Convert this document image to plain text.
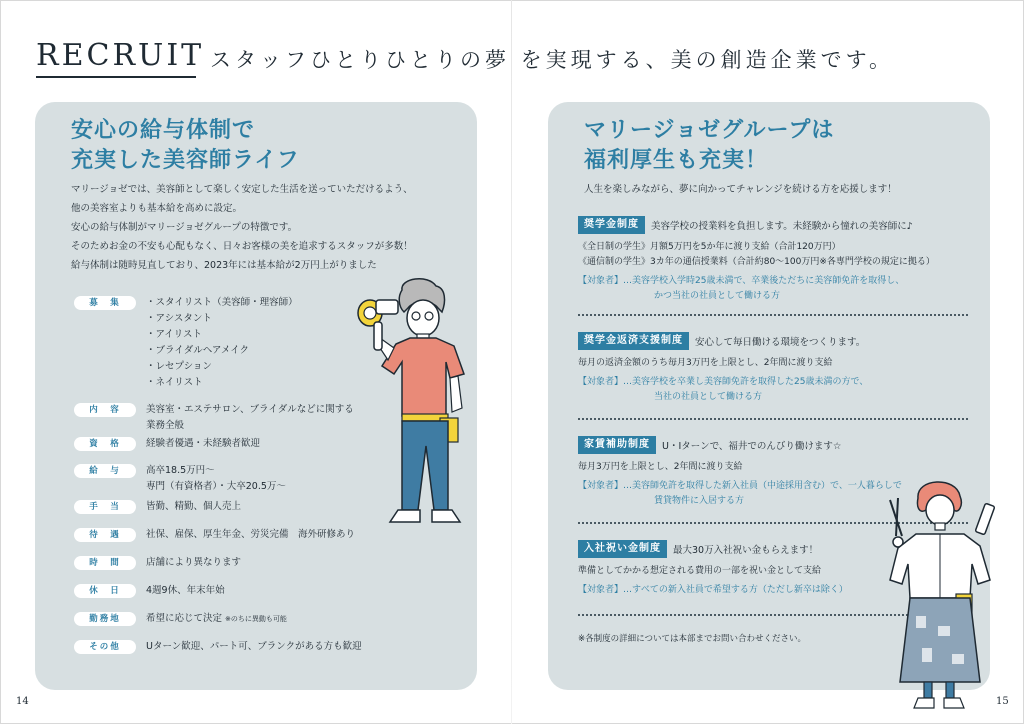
RECRUIT スタッフひとりひとりの夢 を実現する、美の創造企業です。
安心の給与体制で
充実した美容師ライフ
マリージョゼでは、美容師として楽しく安定した生活を送っていただけるよう、
他の美容室よりも基本給を高めに設定。
安心の給与体制がマリージョゼグループの特徴です。
そのためお金の不安も心配もなく、日々お客様の美を追求するスタッフが多数！
給与体制は随時見直しており、2023年には基本給が2万円上がりました
募　集	・スタイリスト（美容師・理容師）
・アシスタント
・アイリスト
・ブライダルヘアメイク
・レセプション
・ネイリスト
内　容	美容室・エステサロン、ブライダルなどに関する
業務全般
資　格	経験者優遇・未経験者歓迎
給　与	高卒18.5万円～
専門（有資格者）・大卒20.5万～
手　当	皆勤、精勤、個人売上
待　遇	社保、雇保、厚生年金、労災完備　海外研修あり
時　間	店舗により異なります
休　日	4週9休、年末年始
勤務地	希望に応じて決定 ※のちに異動も可能
その他	Uターン歓迎、パート可、ブランクがある方も歓迎
マリージョゼグループは
福利厚生も充実！
人生を楽しみながら、夢に向かってチャレンジを続ける方を応援します！
奨学金制度	美容学校の授業料を負担します。未経験から憧れの美容師に♪
《全日制の学生》月額5万円を5か年に渡り支給（合計120万円）
《通信制の学生》3カ年の通信授業料（合計約80～100万円※各専門学校の規定に拠る）
【対象者】…美容学校入学時25歳未満で、卒業後ただちに美容師免許を取得し、
かつ当社の社員として働ける方
奨学金返済支援制度	安心して毎日働ける環境をつくります。
毎月の返済金額のうち毎月3万円を上限とし、2年間に渡り支給
【対象者】…美容学校を卒業し美容師免許を取得した25歳未満の方で、
当社の社員として働ける方
家賃補助制度	U・Iターンで、福井でのんびり働けます☆
毎月3万円を上限とし、2年間に渡り支給
【対象者】…美容師免許を取得した新入社員（中途採用含む）で、一人暮らしで
賃貸物件に入居する方
入社祝い金制度	最大30万入社祝い金もらえます！
準備としてかかる想定される費用の一部を祝い金として支給
【対象者】…すべての新入社員で希望する方（ただし新卒は除く）
※各制度の詳細については本部までお問い合わせください。
14	15
